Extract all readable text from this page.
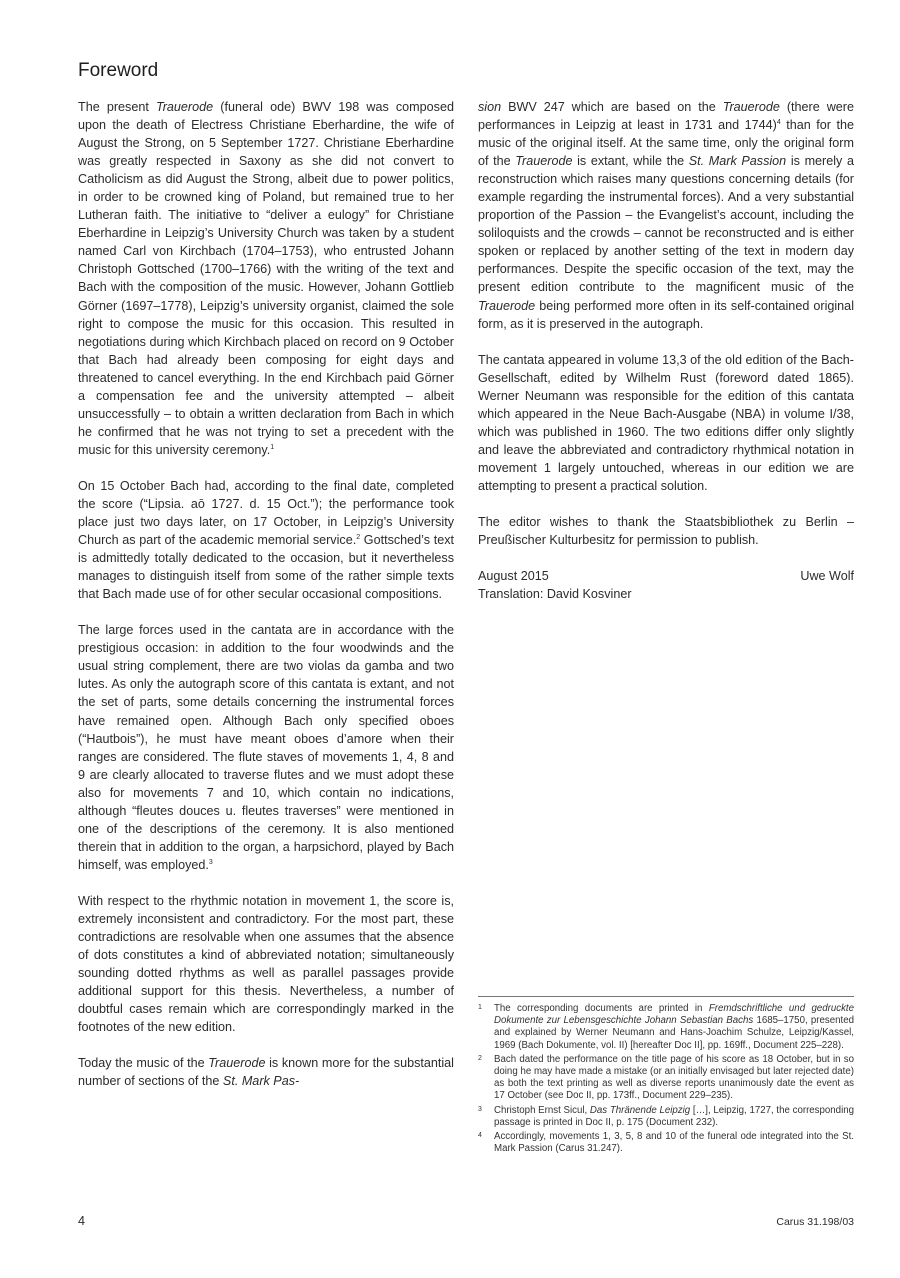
Foreword

The present Trauerode (funeral ode) BWV 198 was composed upon the death of Electress Christiane Eberhardine, the wife of August the Strong, on 5 September 1727. Christiane Eberhardine was greatly respected in Saxony as she did not convert to Catholicism as did August the Strong, albeit due to power politics, in order to be crowned king of Poland, but remained true to her Lutheran faith. The initiative to “deliver a eulogy” for Christiane Eberhardine in Leipzig’s University Church was taken by a student named Carl von Kirchbach (1704–1753), who entrusted Johann Christoph Gottsched (1700–1766) with the writing of the text and Bach with the composition of the music. However, Johann Gottlieb Görner (1697–1778), Leipzig’s university organist, claimed the sole right to compose the music for this occasion. This resulted in negotiations during which Kirchbach placed on record on 9 October that Bach had already been composing for eight days and threatened to cancel everything. In the end Kirchbach paid Görner a compensation fee and the university attempted – albeit unsuccessfully – to obtain a written declaration from Bach in which he confirmed that he was not trying to set a precedent with the music for this university ceremony.$^1$

On 15 October Bach had, according to the final date, completed the score (“Lipsia. aō 1727. d. 15 Oct.”); the performance took place just two days later, on 17 October, in Leipzig’s University Church as part of the academic memorial service.$^2$ Gottsched’s text is admittedly totally dedicated to the occasion, but it nevertheless manages to distinguish itself from some of the rather simple texts that Bach made use of for other secular occasional compositions.

The large forces used in the cantata are in accordance with the prestigious occasion: in addition to the four woodwinds and the usual string complement, there are two violas da gamba and two lutes. As only the autograph score of this cantata is extant, and not the set of parts, some details concerning the instrumental forces have remained open. Although Bach only specified oboes (“Hautbois”), he must have meant oboes d’amore when their ranges are considered. The flute staves of movements 1, 4, 8 and 9 are clearly allocated to traverse flutes and we must adopt these also for movements 7 and 10, which contain no indications, although “fleutes douces u. fleutes traverses” were mentioned in one of the descriptions of the ceremony. It is also mentioned therein that in addition to the organ, a harpsichord, played by Bach himself, was employed.$^3$

With respect to the rhythmic notation in movement 1, the score is, extremely inconsistent and contradictory. For the most part, these contradictions are resolvable when one assumes that the absence of dots constitutes a kind of abbreviated notation; simultaneously sounding dotted rhythms as well as parallel passages provide additional support for this thesis. Nevertheless, a number of doubtful cases remain which are correspondingly marked in the footnotes of the new edition.

Today the music of the Trauerode is known more for the substantial number of sections of the St. Mark Pas-

sion BWV 247 which are based on the Trauerode (there were performances in Leipzig at least in 1731 and 1744)$^4$ than for the music of the original itself. At the same time, only the original form of the Trauerode is extant, while the St. Mark Passion is merely a reconstruction which raises many questions concerning details (for example regarding the instrumental forces). And a very substantial proportion of the Passion – the Evangelist’s account, including the soliloquists and the crowds – cannot be reconstructed and is either spoken or replaced by another setting of the text in modern day performances. Despite the specific occasion of the text, may the present edition contribute to the magnificent music of the Trauerode being performed more often in its self-contained original form, as it is preserved in the autograph.

The cantata appeared in volume 13,3 of the old edition of the Bach-Gesellschaft, edited by Wilhelm Rust (foreword dated 1865). Werner Neumann was responsible for the edition of this cantata which appeared in the Neue Bach-Ausgabe (NBA) in volume I/38, which was published in 1960. The two editions differ only slightly and leave the abbreviated and contradictory rhythmical notation in movement 1 largely untouched, whereas in our edition we are attempting to present a practical solution.

The editor wishes to thank the Staatsbibliothek zu Berlin – Preußischer Kulturbesitz for permission to publish.

August 2015	Uwe Wolf
Translation: David Kosviner
1	The corresponding documents are printed in Fremdschriftliche und gedruckte Dokumente zur Lebensgeschichte Johann Sebastian Bachs 1685–1750, presented and explained by Werner Neumann and Hans-Joachim Schulze, Leipzig/Kassel, 1969 (Bach Dokumente, vol. II) [hereafter Doc II], pp. 169ff., Document 225–228).
2	Bach dated the performance on the title page of his score as 18 October, but in so doing he may have made a mistake (or an initially envisaged but later rejected date) as both the text printing as well as diverse reports unanimously date the event as 17 October (see Doc II, pp. 173ff., Document 229–235).
3	Christoph Ernst Sicul, Das Thränende Leipzig […], Leipzig, 1727, the corresponding passage is printed in Doc II, p. 175 (Document 232).
4	Accordingly, movements 1, 3, 5, 8 and 10 of the funeral ode integrated into the St. Mark Passion (Carus 31.247).
4	Carus 31.198/03
